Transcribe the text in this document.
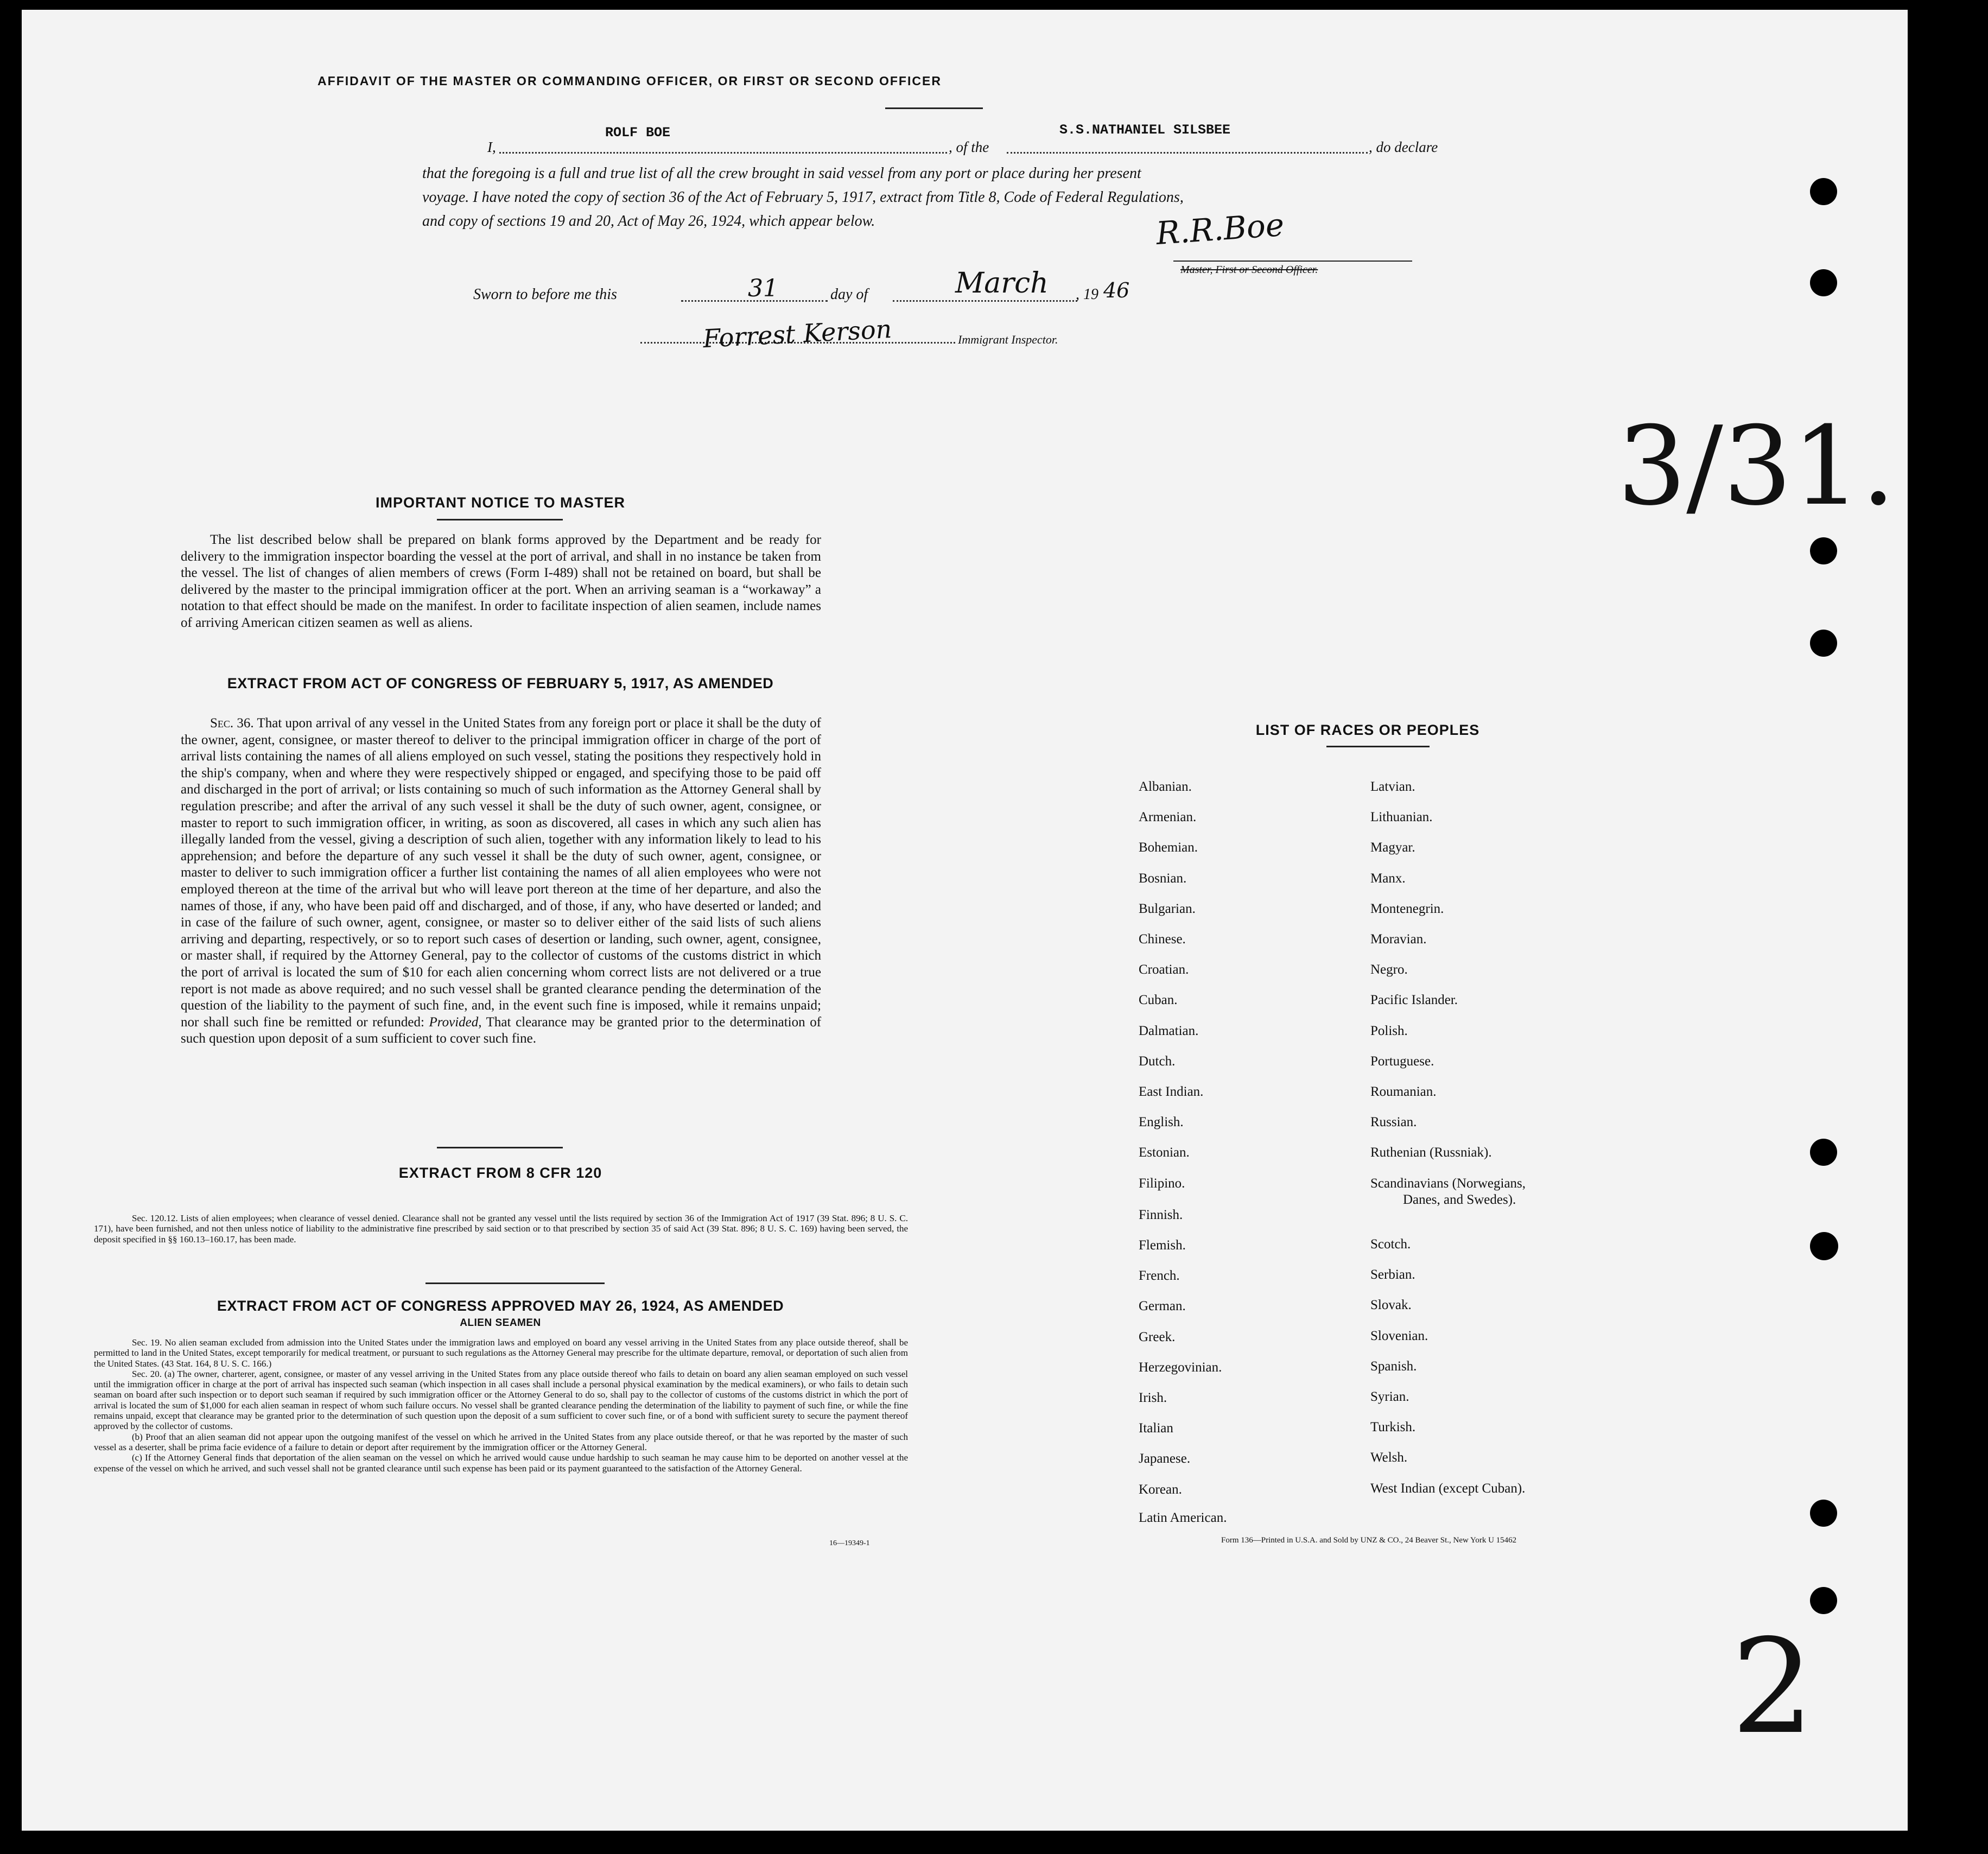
AFFIDAVIT OF THE MASTER OR COMMANDING OFFICER, OR FIRST OR SECOND OFFICER
I,
ROLF BOE
, of the
S.S.NATHANIEL SILSBEE
, do declare
that the foregoing is a full and true list of all the crew brought in said vessel from any port or place during her present
voyage. I have noted the copy of section 36 of the Act of February 5, 1917, extract from Title 8, Code of Federal Regulations,
and copy of sections 19 and 20, Act of May 26, 1924, which appear below.	R.R.Boe
Master, First or Second Officer.
Sworn to before me this	31	day of	March , 19 46
Forrest Kerson	Immigrant Inspector.
3/31.
2
IMPORTANT NOTICE TO MASTER
The list described below shall be prepared on blank forms approved by the Department and be ready for delivery to the immigration inspector boarding the vessel at the port of arrival, and shall in no instance be taken from the vessel. The list of changes of alien members of crews (Form I-489) shall not be retained on board, but shall be delivered by the master to the principal immigration officer at the port. When an arriving seaman is a “workaway” a notation to that effect should be made on the manifest. In order to facilitate inspection of alien seamen, include names of arriving American citizen seamen as well as aliens.
EXTRACT FROM ACT OF CONGRESS OF FEBRUARY 5, 1917, AS AMENDED
Sec. 36. That upon arrival of any vessel in the United States from any foreign port or place it shall be the duty of the owner, agent, consignee, or master thereof to deliver to the principal immigration officer in charge of the port of arrival lists containing the names of all aliens employed on such vessel, stating the positions they respectively hold in the ship's company, when and where they were respectively shipped or engaged, and specifying those to be paid off and discharged in the port of arrival; or lists containing so much of such information as the Attorney General shall by regulation prescribe; and after the arrival of any such vessel it shall be the duty of such owner, agent, consignee, or master to report to such immigration officer, in writing, as soon as discovered, all cases in which any such alien has illegally landed from the vessel, giving a description of such alien, together with any information likely to lead to his apprehension; and before the departure of any such vessel it shall be the duty of such owner, agent, consignee, or master to deliver to such immigration officer a further list containing the names of all alien employees who were not employed thereon at the time of the arrival but who will leave port thereon at the time of her departure, and also the names of those, if any, who have been paid off and discharged, and of those, if any, who have deserted or landed; and in case of the failure of such owner, agent, consignee, or master so to deliver either of the said lists of such aliens arriving and departing, respectively, or so to report such cases of desertion or landing, such owner, agent, consignee, or master shall, if required by the Attorney General, pay to the collector of customs of the customs district in which the port of arrival is located the sum of $10 for each alien concerning whom correct lists are not delivered or a true report is not made as above required; and no such vessel shall be granted clearance pending the determination of the question of the liability to the payment of such fine, and, in the event such fine is imposed, while it remains unpaid; nor shall such fine be remitted or refunded: Provided, That clearance may be granted prior to the determination of such question upon deposit of a sum sufficient to cover such fine.
EXTRACT FROM 8 CFR 120
Sec. 120.12. Lists of alien employees; when clearance of vessel denied. Clearance shall not be granted any vessel until the lists required by section 36 of the Immigration Act of 1917 (39 Stat. 896; 8 U. S. C. 171), have been furnished, and not then unless notice of liability to the administrative fine prescribed by said section or to that prescribed by section 35 of said Act (39 Stat. 896; 8 U. S. C. 169) having been served, the deposit specified in §§ 160.13–160.17, has been made.
EXTRACT FROM ACT OF CONGRESS APPROVED MAY 26, 1924, AS AMENDED
ALIEN SEAMEN
Sec. 19. No alien seaman excluded from admission into the United States under the immigration laws and employed on board any vessel arriving in the United States from any place outside thereof, shall be permitted to land in the United States, except temporarily for medical treatment, or pursuant to such regulations as the Attorney General may prescribe for the ultimate departure, removal, or deportation of such alien from the United States. (43 Stat. 164, 8 U. S. C. 166.)
Sec. 20. (a) The owner, charterer, agent, consignee, or master of any vessel arriving in the United States from any place outside thereof who fails to detain on board any alien seaman employed on such vessel until the immigration officer in charge at the port of arrival has inspected such seaman (which inspection in all cases shall include a personal physical examination by the medical examiners), or who fails to detain such seaman on board after such inspection or to deport such seaman if required by such immigration officer or the Attorney General to do so, shall pay to the collector of customs of the customs district in which the port of arrival is located the sum of $1,000 for each alien seaman in respect of whom such failure occurs. No vessel shall be granted clearance pending the determination of the liability to payment of such fine, or while the fine remains unpaid, except that clearance may be granted prior to the determination of such question upon the deposit of a sum sufficient to cover such fine, or of a bond with sufficient surety to secure the payment thereof approved by the collector of customs.
(b) Proof that an alien seaman did not appear upon the outgoing manifest of the vessel on which he arrived in the United States from any place outside thereof, or that he was reported by the master of such vessel as a deserter, shall be prima facie evidence of a failure to detain or deport after requirement by the immigration officer or the Attorney General.
(c) If the Attorney General finds that deportation of the alien seaman on the vessel on which he arrived would cause undue hardship to such seaman he may cause him to be deported on another vessel at the expense of the vessel on which he arrived, and such vessel shall not be granted clearance until such expense has been paid or its payment guaranteed to the satisfaction of the Attorney General.
16—19349-1
LIST OF RACES OR PEOPLES
Albanian.
Armenian.
Bohemian.
Bosnian.
Bulgarian.
Chinese.
Croatian.
Cuban.
Dalmatian.
Dutch.
East Indian.
English.
Estonian.
Filipino.
Finnish.
Flemish.
French.
German.
Greek.
Herzegovinian.
Irish.
Italian
Japanese.
Korean.
Latin American.
Latvian.
Lithuanian.
Magyar.
Manx.
Montenegrin.
Moravian.
Negro.
Pacific Islander.
Polish.
Portuguese.
Roumanian.
Russian.
Ruthenian (Russniak).
Scandinavians (Norwegians,
Danes, and Swedes).
Scotch.
Serbian.
Slovak.
Slovenian.
Spanish.
Syrian.
Turkish.
Welsh.
West Indian (except Cuban).
Form 136—Printed in U.S.A. and Sold by UNZ & CO., 24 Beaver St., New York U 15462
